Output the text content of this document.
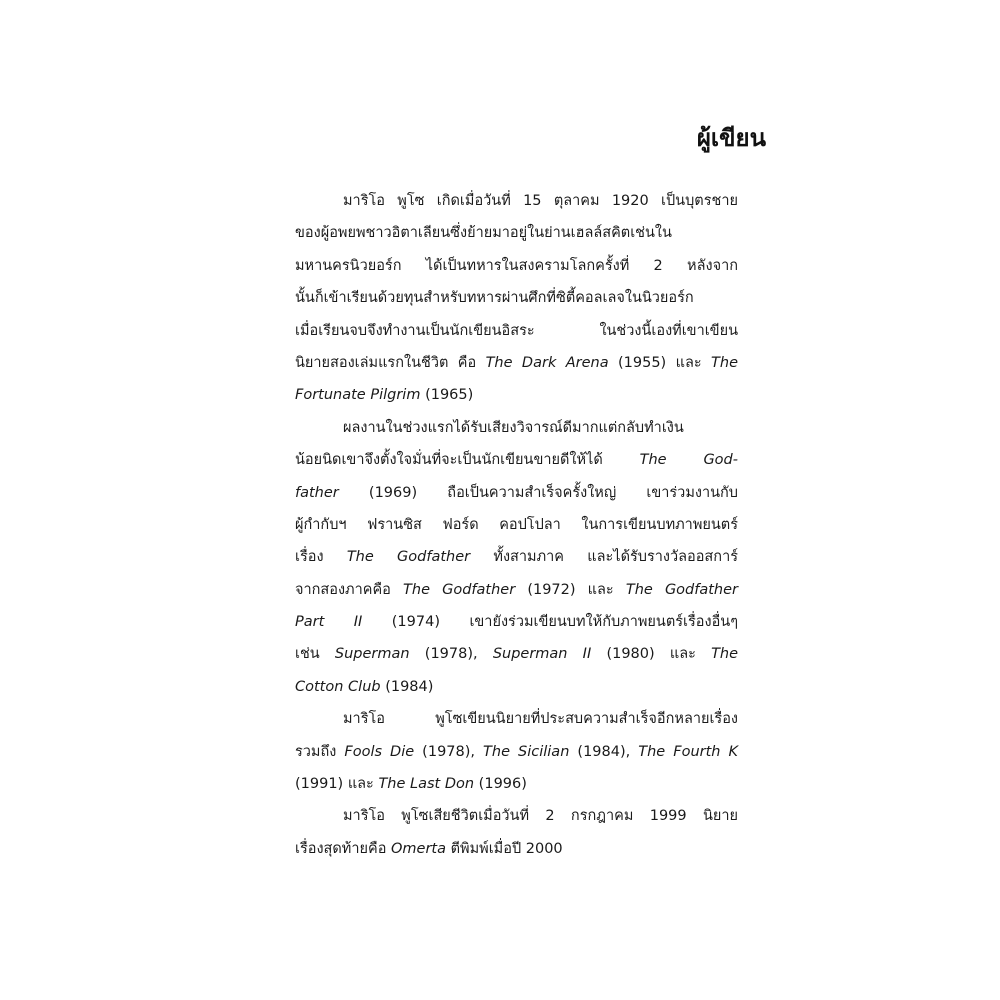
ผู้เขียน
มาริโอ พูโซ เกิดเมื่อวันที่ 15 ตุลาคม 1920 เป็นบุตรชาย
ของผู้อพยพชาวอิตาเลียนซึ่งย้ายมาอยู่ในย่านเฮลล์สคิตเช่นใน
มหานครนิวยอร์ก ได้เป็นทหารในสงครามโลกครั้งที่ 2 หลังจาก
นั้นก็เข้าเรียนด้วยทุนสำหรับทหารผ่านศึกที่ซิตี้คอลเลจในนิวยอร์ก
เมื่อเรียนจบจึงทำงานเป็นนักเขียนอิสระ ในช่วงนี้เองที่เขาเขียน
นิยายสองเล่มแรกในชีวิต คือ The Dark Arena (1955) และ The
Fortunate Pilgrim (1965)
ผลงานในช่วงแรกได้รับเสียงวิจารณ์ดีมากแต่กลับทำเงิน
น้อยนิดเขาจึงตั้งใจมั่นที่จะเป็นนักเขียนขายดีให้ได้ The God-
father (1969) ถือเป็นความสำเร็จครั้งใหญ่ เขาร่วมงานกับ
ผู้กำกับฯ ฟรานซิส ฟอร์ด คอปโปลา ในการเขียนบทภาพยนตร์
เรื่อง The Godfather ทั้งสามภาค และได้รับรางวัลออสการ์
จากสองภาคคือ The Godfather (1972) และ The Godfather
Part II (1974) เขายังร่วมเขียนบทให้กับภาพยนตร์เรื่องอื่นๆ
เช่น Superman (1978), Superman II (1980) และ The
Cotton Club (1984)
มาริโอ พูโซเขียนนิยายที่ประสบความสำเร็จอีกหลายเรื่อง
รวมถึง Fools Die (1978), The Sicilian (1984), The Fourth K
(1991) และ The Last Don (1996)
มาริโอ พูโซเสียชีวิตเมื่อวันที่ 2 กรกฎาคม 1999 นิยาย
เรื่องสุดท้ายคือ Omerta ตีพิมพ์เมื่อปี 2000
